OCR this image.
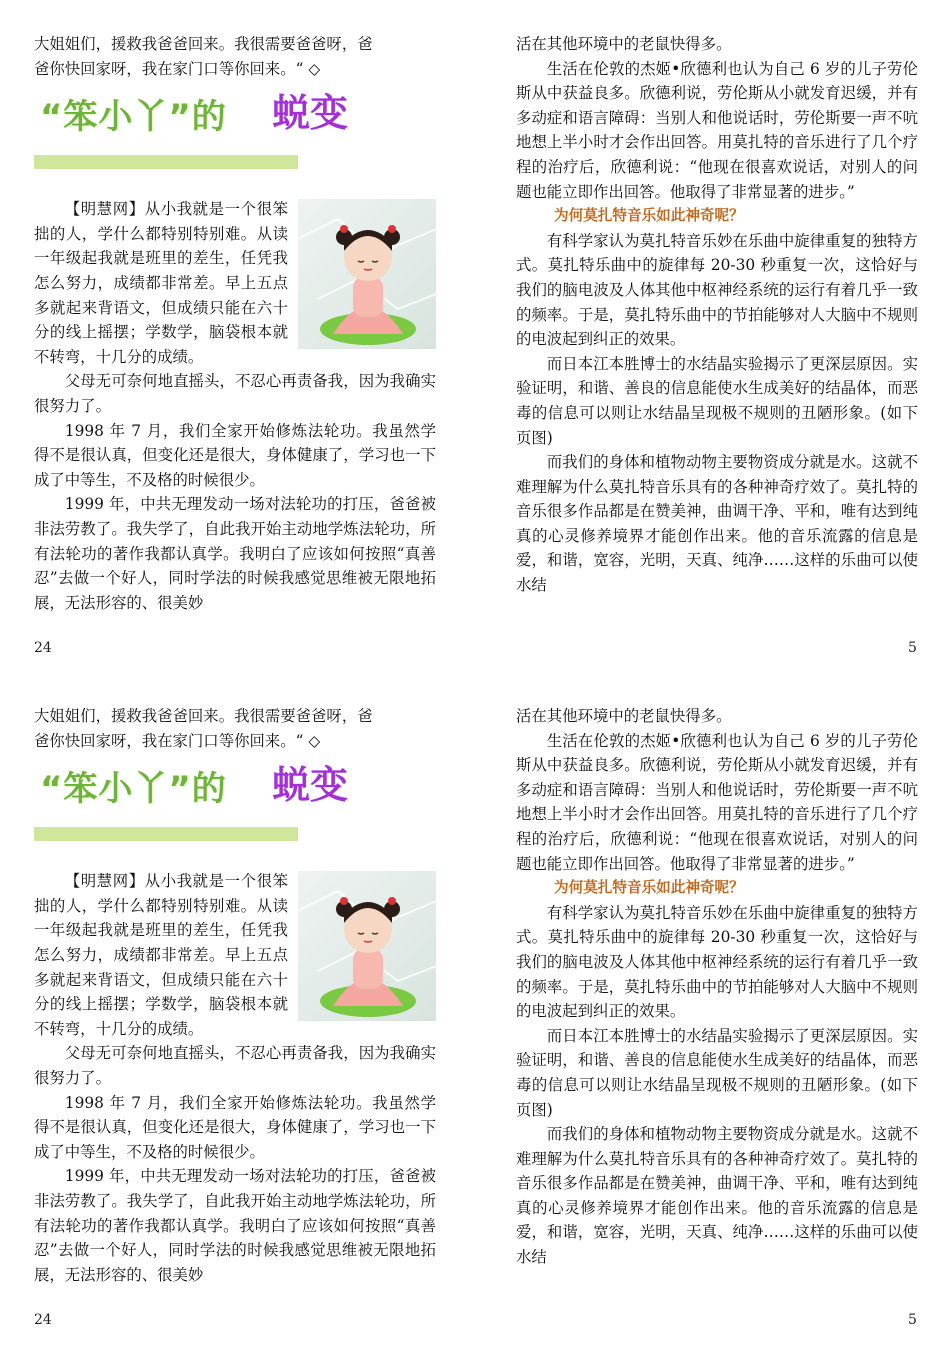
大姐姐们，援救我爸爸回来。我很需要爸爸呀，爸

爸你快回家呀，我在家门口等你回来。“ ◇

“笨小丫”的 蜕变

【明慧网】从小我就是一个很笨拙的人，学什么都特别特别难。从读一年级起我就是班里的差生，任凭我怎么努力，成绩都非常差。早上五点多就起来背语文，但成绩只能在六十分的线上摇摆；学数学，脑袋根本就不转弯，十几分的成绩。

父母无可奈何地直摇头，不忍心再责备我，因为我确实很努力了。

1998 年 7 月，我们全家开始修炼法轮功。我虽然学得不是很认真，但变化还是很大，身体健康了，学习也一下成了中等生，不及格的时候很少。

1999 年，中共无理发动一场对法轮功的打压，爸爸被非法劳教了。我失学了，自此我开始主动地学炼法轮功，所有法轮功的著作我都认真学。我明白了应该如何按照“真善忍”去做一个好人，同时学法的时候我感觉思维被无限地拓展，无法形容的、很美妙

24

活在其他环境中的老鼠快得多。

生活在伦敦的杰姬•欣德利也认为自己 6 岁的儿子劳伦斯从中获益良多。欣德利说，劳伦斯从小就发育迟缓，并有多动症和语言障碍：当别人和他说话时，劳伦斯要一声不吭地想上半小时才会作出回答。用莫扎特的音乐进行了几个疗程的治疗后，欣德利说：“他现在很喜欢说话，对别人的问题也能立即作出回答。他取得了非常显著的进步。”

为何莫扎特音乐如此神奇呢？

有科学家认为莫扎特音乐妙在乐曲中旋律重复的独特方式。莫扎特乐曲中的旋律每 20-30 秒重复一次，这恰好与我们的脑电波及人体其他中枢神经系统的运行有着几乎一致的频率。于是，莫扎特乐曲中的节拍能够对人大脑中不规则的电波起到纠正的效果。

而日本江本胜博士的水结晶实验揭示了更深层原因。实验证明，和谐、善良的信息能使水生成美好的结晶体，而恶毒的信息可以则让水结晶呈现极不规则的丑陋形象。(如下页图)

而我们的身体和植物动物主要物资成分就是水。这就不难理解为什么莫扎特音乐具有的各种神奇疗效了。莫扎特的音乐很多作品都是在赞美神，曲调干净、平和，唯有达到纯真的心灵修养境界才能创作出来。他的音乐流露的信息是爱，和谐，宽容，光明，天真、纯净……这样的乐曲可以使水结

5

大姐姐们，援救我爸爸回来。我很需要爸爸呀，爸

爸你快回家呀，我在家门口等你回来。“ ◇

“笨小丫”的 蜕变

【明慧网】从小我就是一个很笨拙的人，学什么都特别特别难。从读一年级起我就是班里的差生，任凭我怎么努力，成绩都非常差。早上五点多就起来背语文，但成绩只能在六十分的线上摇摆；学数学，脑袋根本就不转弯，十几分的成绩。

父母无可奈何地直摇头，不忍心再责备我，因为我确实很努力了。

1998 年 7 月，我们全家开始修炼法轮功。我虽然学得不是很认真，但变化还是很大，身体健康了，学习也一下成了中等生，不及格的时候很少。

1999 年，中共无理发动一场对法轮功的打压，爸爸被非法劳教了。我失学了，自此我开始主动地学炼法轮功，所有法轮功的著作我都认真学。我明白了应该如何按照“真善忍”去做一个好人，同时学法的时候我感觉思维被无限地拓展，无法形容的、很美妙

24

活在其他环境中的老鼠快得多。

生活在伦敦的杰姬•欣德利也认为自己 6 岁的儿子劳伦斯从中获益良多。欣德利说，劳伦斯从小就发育迟缓，并有多动症和语言障碍：当别人和他说话时，劳伦斯要一声不吭地想上半小时才会作出回答。用莫扎特的音乐进行了几个疗程的治疗后，欣德利说：“他现在很喜欢说话，对别人的问题也能立即作出回答。他取得了非常显著的进步。”

为何莫扎特音乐如此神奇呢？

有科学家认为莫扎特音乐妙在乐曲中旋律重复的独特方式。莫扎特乐曲中的旋律每 20-30 秒重复一次，这恰好与我们的脑电波及人体其他中枢神经系统的运行有着几乎一致的频率。于是，莫扎特乐曲中的节拍能够对人大脑中不规则的电波起到纠正的效果。

而日本江本胜博士的水结晶实验揭示了更深层原因。实验证明，和谐、善良的信息能使水生成美好的结晶体，而恶毒的信息可以则让水结晶呈现极不规则的丑陋形象。(如下页图)

而我们的身体和植物动物主要物资成分就是水。这就不难理解为什么莫扎特音乐具有的各种神奇疗效了。莫扎特的音乐很多作品都是在赞美神，曲调干净、平和，唯有达到纯真的心灵修养境界才能创作出来。他的音乐流露的信息是爱，和谐，宽容，光明，天真、纯净……这样的乐曲可以使水结

5
